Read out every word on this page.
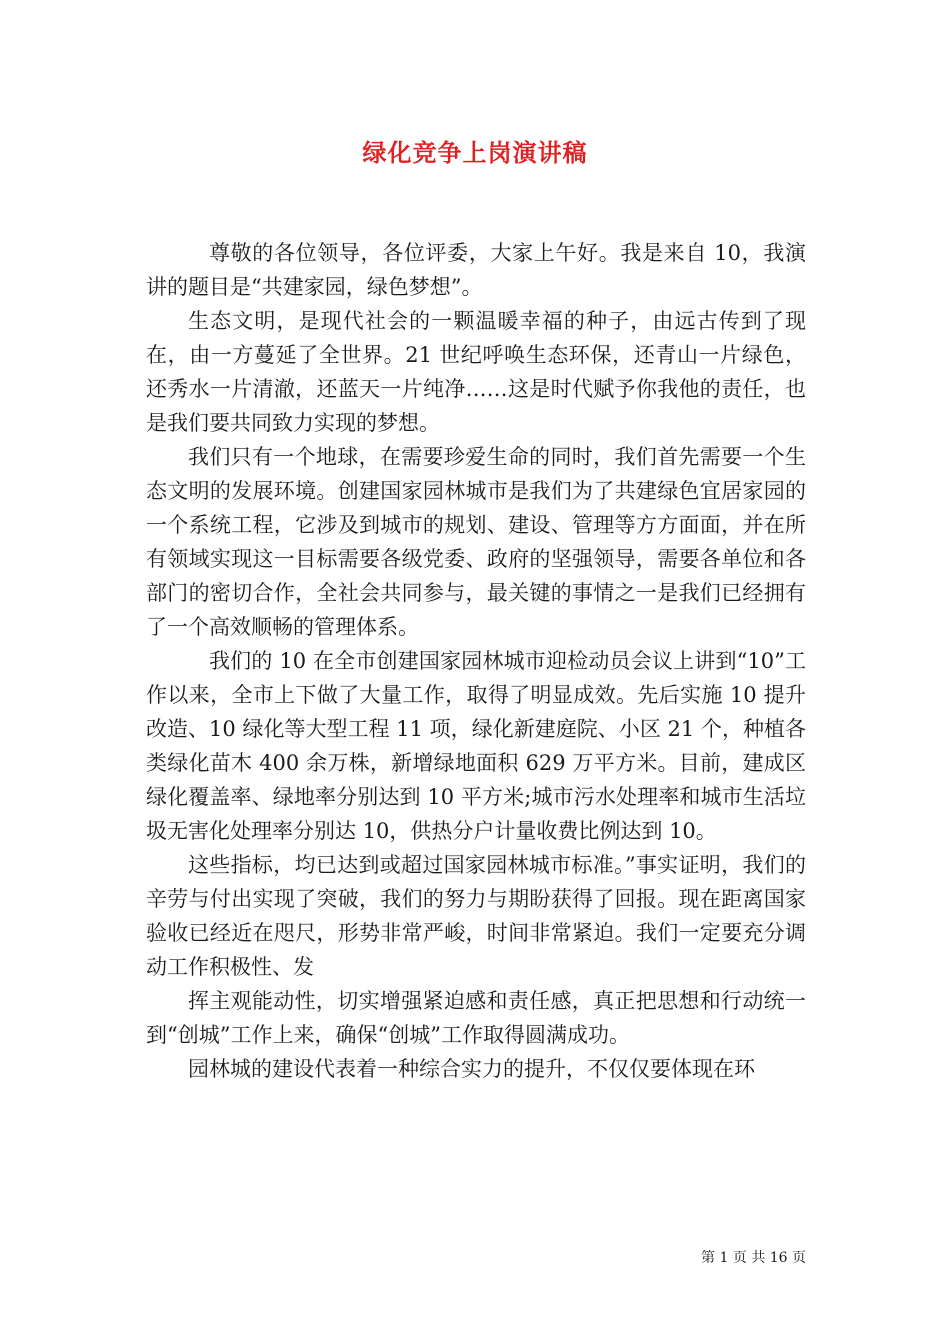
绿化竞争上岗演讲稿

尊敬的各位领导，各位评委，大家上午好。我是来自 10，我演讲的题目是“共建家园，绿色梦想”。

生态文明，是现代社会的一颗温暖幸福的种子，由远古传到了现在，由一方蔓延了全世界。21 世纪呼唤生态环保，还青山一片绿色，还秀水一片清澈，还蓝天一片纯净……这是时代赋予你我他的责任，也是我们要共同致力实现的梦想。

我们只有一个地球，在需要珍爱生命的同时，我们首先需要一个生态文明的发展环境。创建国家园林城市是我们为了共建绿色宜居家园的一个系统工程，它涉及到城市的规划、建设、管理等方方面面，并在所有领域实现这一目标需要各级党委、政府的坚强领导，需要各单位和各部门的密切合作，全社会共同参与，最关键的事情之一是我们已经拥有了一个高效顺畅的管理体系。

我们的 10 在全市创建国家园林城市迎检动员会议上讲到“10”工作以来，全市上下做了大量工作，取得了明显成效。先后实施 10 提升改造、10 绿化等大型工程 11 项，绿化新建庭院、小区 21 个，种植各类绿化苗木 400 余万株，新增绿地面积 629 万平方米。目前，建成区绿化覆盖率、绿地率分别达到 10 平方米;城市污水处理率和城市生活垃圾无害化处理率分别达 10，供热分户计量收费比例达到 10。

这些指标，均已达到或超过国家园林城市标准。”事实证明，我们的辛劳与付出实现了突破，我们的努力与期盼获得了回报。现在距离国家验收已经近在咫尺，形势非常严峻，时间非常紧迫。我们一定要充分调动工作积极性、发

挥主观能动性，切实增强紧迫感和责任感，真正把思想和行动统一到“创城”工作上来，确保“创城”工作取得圆满成功。

园林城的建设代表着一种综合实力的提升，不仅仅要体现在环

第 1 页 共 16 页
